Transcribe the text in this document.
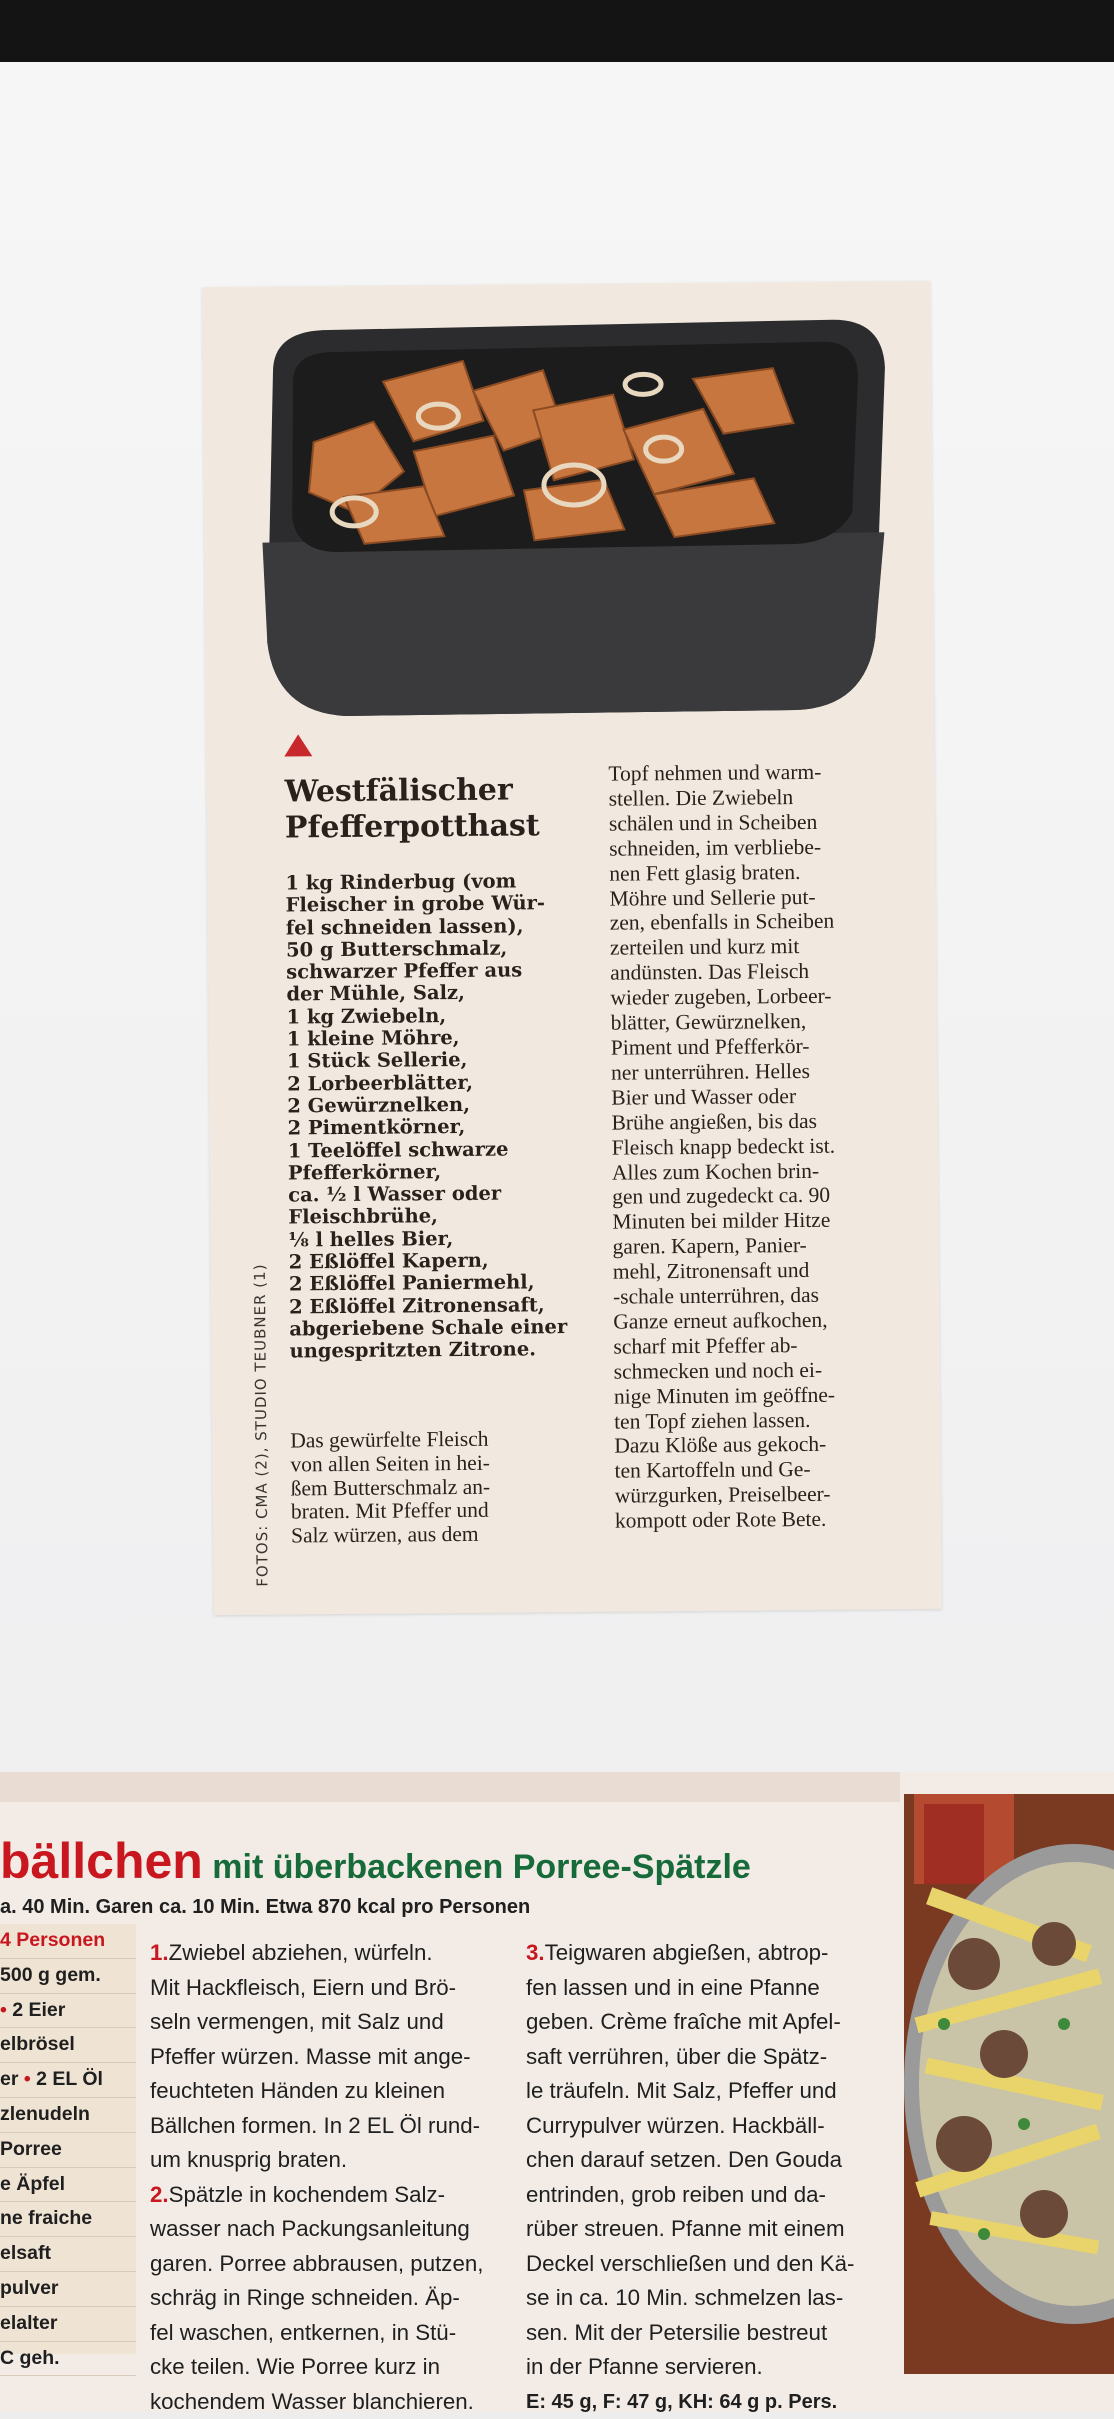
Westfälischer
Pfefferpotthast
1 kg Rinderbug (vom
Fleischer in grobe Wür-
fel schneiden lassen),
50 g Butterschmalz,
schwarzer Pfeffer aus
der Mühle, Salz,
1 kg Zwiebeln,
1 kleine Möhre,
1 Stück Sellerie,
2 Lorbeerblätter,
2 Gewürznelken,
2 Pimentkörner,
1 Teelöffel schwarze
Pfefferkörner,
ca. ½ l Wasser oder
Fleischbrühe,
⅛ l helles Bier,
2 Eßlöffel Kapern,
2 Eßlöffel Paniermehl,
2 Eßlöffel Zitronensaft,
abgeriebene Schale einer
ungespritzten Zitrone.
Das gewürfelte Fleisch
von allen Seiten in hei-
ßem Butterschmalz an-
braten. Mit Pfeffer und
Salz würzen, aus dem
Topf nehmen und warm-
stellen. Die Zwiebeln
schälen und in Scheiben
schneiden, im verbliebe-
nen Fett glasig braten.
Möhre und Sellerie put-
zen, ebenfalls in Scheiben
zerteilen und kurz mit
andünsten. Das Fleisch
wieder zugeben, Lorbeer-
blätter, Gewürznelken,
Piment und Pfefferkör-
ner unterrühren. Helles
Bier und Wasser oder
Brühe angießen, bis das
Fleisch knapp bedeckt ist.
Alles zum Kochen brin-
gen und zugedeckt ca. 90
Minuten bei milder Hitze
garen. Kapern, Panier-
mehl, Zitronensaft und
-schale unterrühren, das
Ganze erneut aufkochen,
scharf mit Pfeffer ab-
schmecken und noch ei-
nige Minuten im geöffne-
ten Topf ziehen lassen.
Dazu Klöße aus gekoch-
ten Kartoffeln und Ge-
würzgurken, Preiselbeer-
kompott oder Rote Bete.
FOTOS: CMA (2), STUDIO TEUBNER (1)
bällchen mit überbackenen Porree-Spätzle
a. 40 Min. Garen ca. 10 Min. Etwa 870 kcal pro Personen
4 Personen
500 g gem.
• 2 Eier
elbrösel
er • 2 EL Öl
zlenudeln
Porree
e Äpfel
ne fraiche
elsaft
pulver
elalter
C geh.
1.Zwiebel abziehen, würfeln.
Mit Hackfleisch, Eiern und Brö-
seln vermengen, mit Salz und
Pfeffer würzen. Masse mit ange-
feuchteten Händen zu kleinen
Bällchen formen. In 2 EL Öl rund-
um knusprig braten.
2.Spätzle in kochendem Salz-
wasser nach Packungsanleitung
garen. Porree abbrausen, putzen,
schräg in Ringe schneiden. Äp-
fel waschen, entkernen, in Stü-
cke teilen. Wie Porree kurz in
kochendem Wasser blanchieren.
3.Teigwaren abgießen, abtrop-
fen lassen und in eine Pfanne
geben. Crème fraîche mit Apfel-
saft verrühren, über die Spätz-
le träufeln. Mit Salz, Pfeffer und
Currypulver würzen. Hackbäll-
chen darauf setzen. Den Gouda
entrinden, grob reiben und da-
rüber streuen. Pfanne mit einem
Deckel verschließen und den Kä-
se in ca. 10 Min. schmelzen las-
sen. Mit der Petersilie bestreut
in der Pfanne servieren.
E: 45 g, F: 47 g, KH: 64 g p. Pers.
